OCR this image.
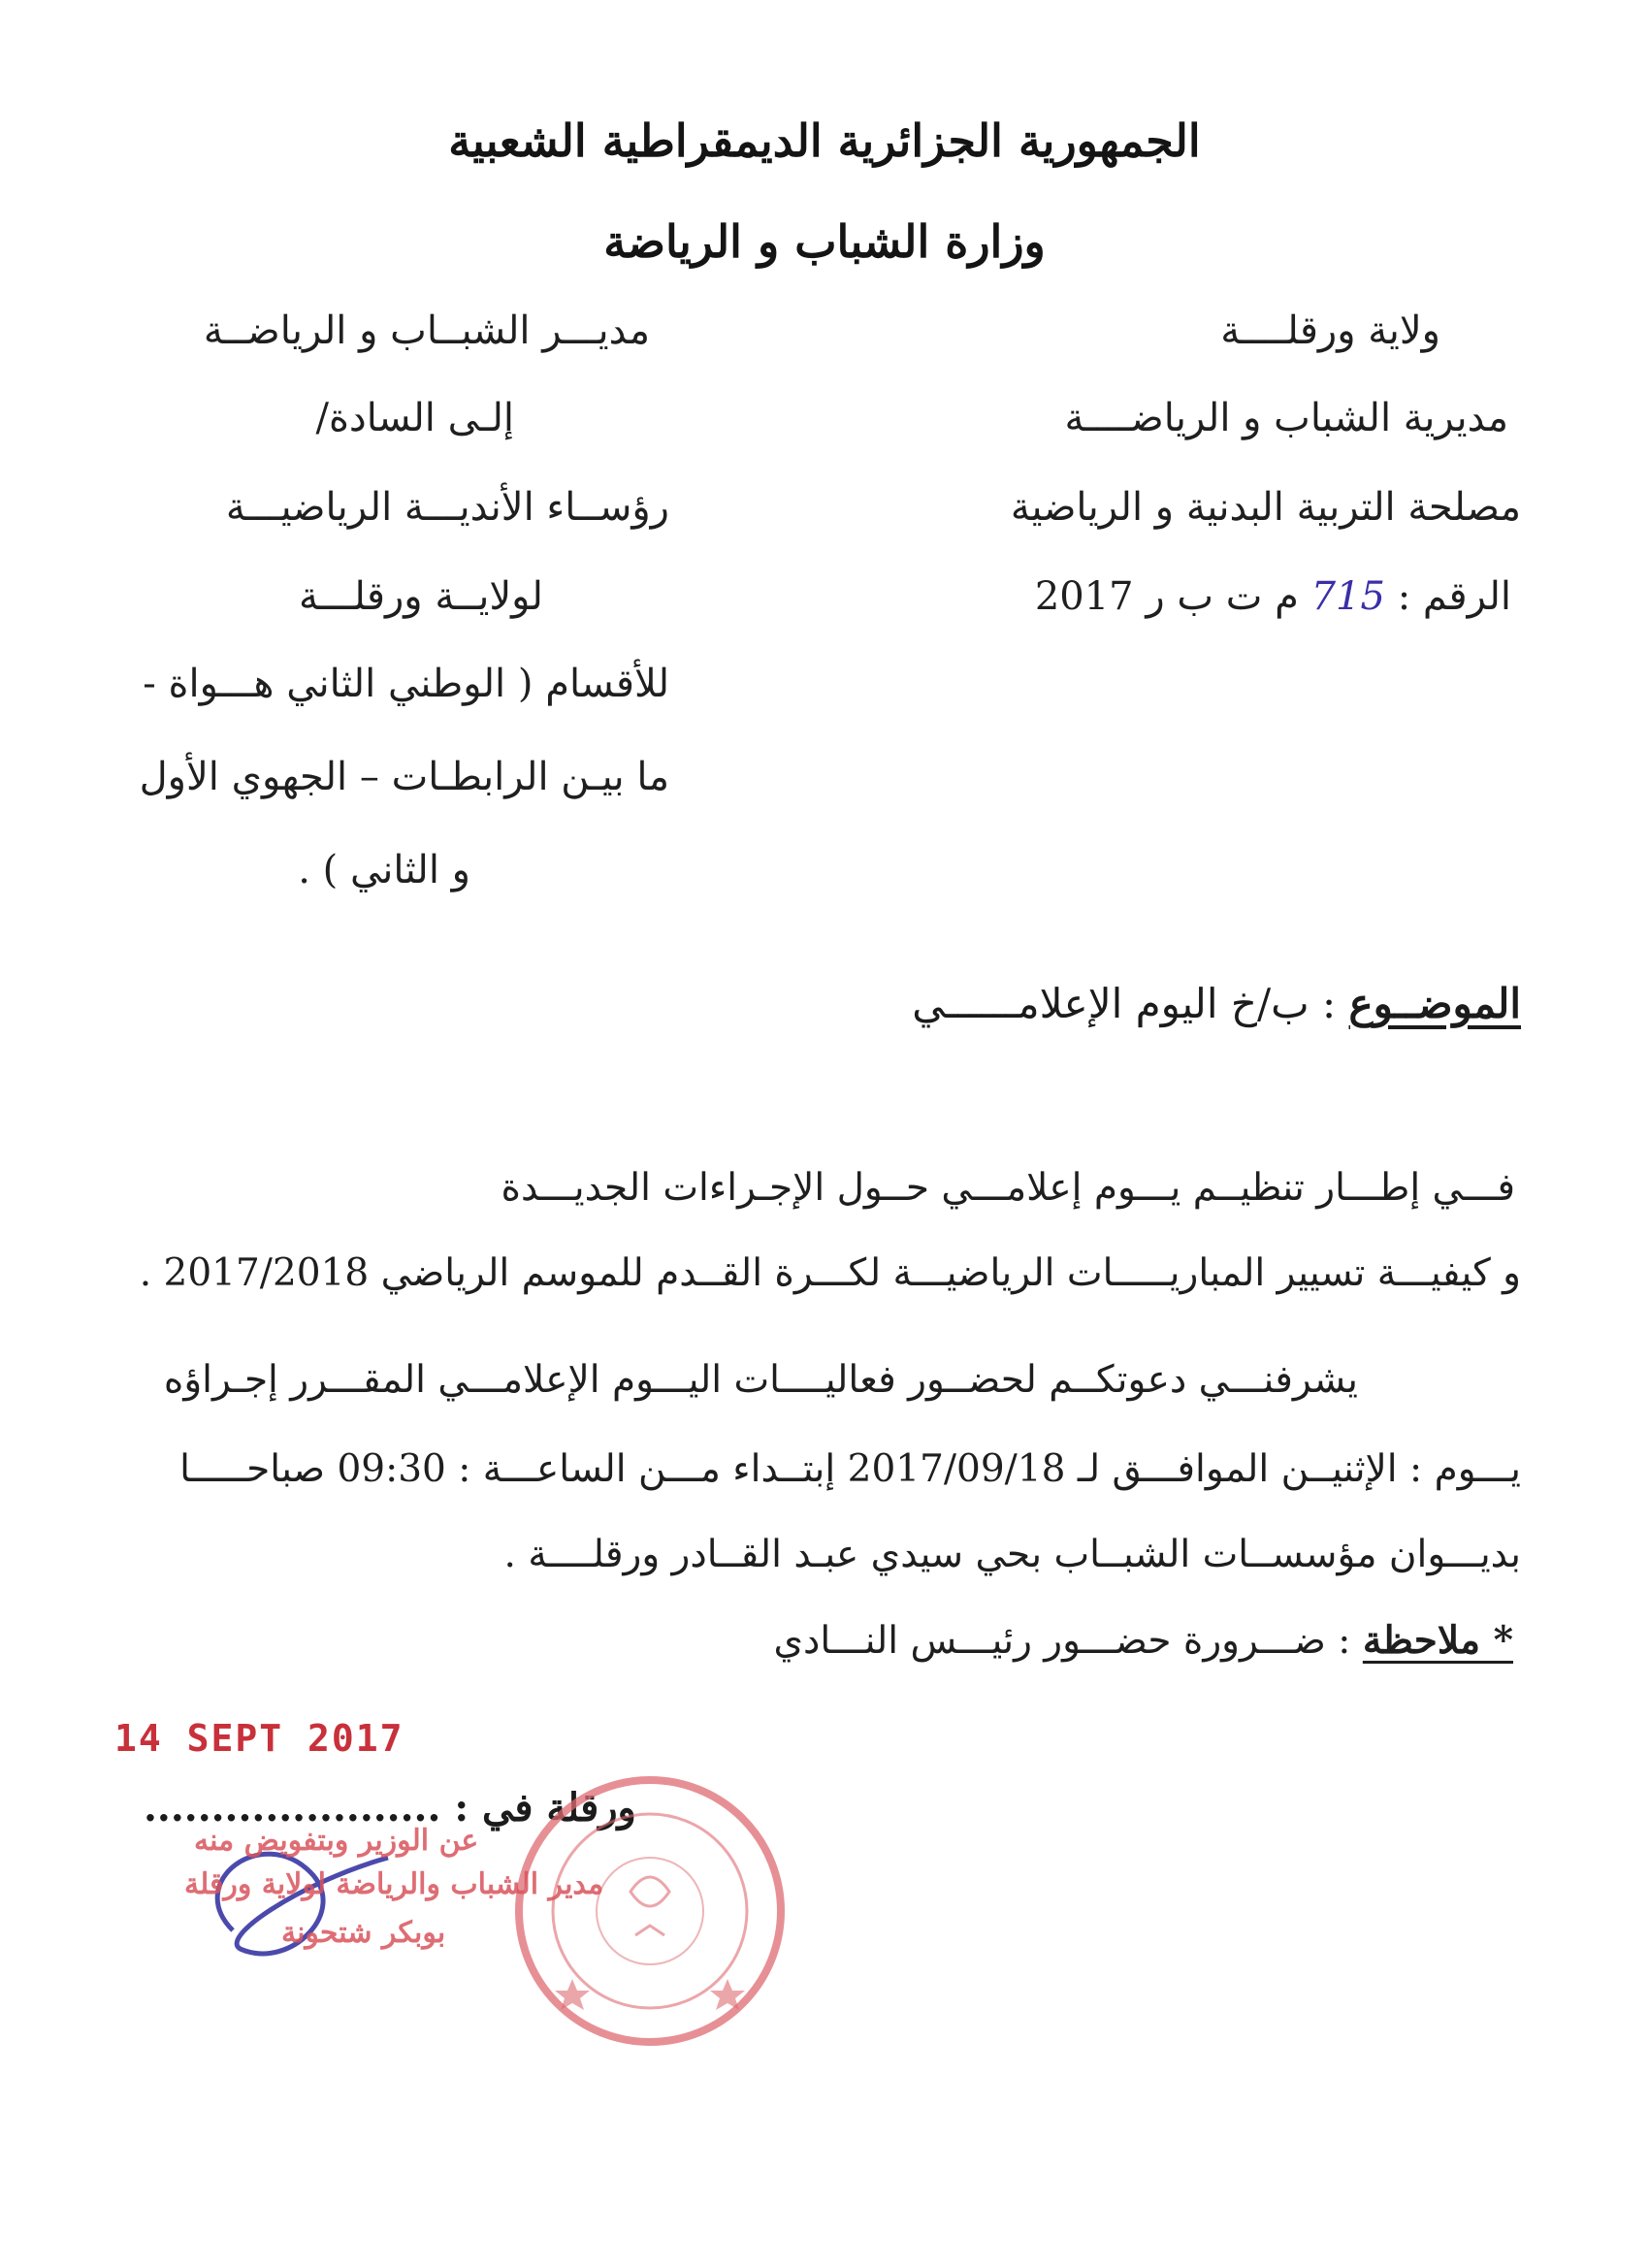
الجمهورية الجزائرية الديمقراطية الشعبية
وزارة الشباب و الرياضة
ولاية ورقلــــة
مديرية الشباب و الرياضــــة
مصلحة التربية البدنية و الرياضية
الرقم : 715 م ت ب ر 2017
مديـــر الشبــاب و الرياضــة
إلـى السادة/
رؤســاء الأنديـــة الرياضيـــة
لولايــة ورقلـــة
للأقسام ( الوطني الثاني هـــواة -
ما بيـن الرابطـات – الجهوي الأول
و الثاني ) .
الموضــوع : ب/خ اليوم الإعلامــــــي
فـــي إطـــار تنظيــم يـــوم إعلامـــي حــول الإجـراءات الجديـــدة
و كيفيـــة تسيير المباريـــــات الرياضيـــة لكـــرة القــدم للموسم الرياضي 2017/2018 .
يشرفنـــي دعوتكــم لحضــور فعاليــــات اليـــوم الإعلامـــي المقـــرر إجـراؤه
يـــوم : الإثنيــن الموافـــق لـ 2017/09/18 إبتــداء مـــن الساعـــة : 09:30 صباحـــــا
بديـــوان مؤسســات الشبــاب بحي سيدي عبـد القــادر ورقلــــة .
* ملاحظة : ضـــرورة حضـــور رئيـــس النـــادي
14 SEPT 2017
ورقلة في : ......................
عن الوزير وبتفويض منه
مدير الشباب والرياضة لولاية ورقلة
بوبكر شتحونة
